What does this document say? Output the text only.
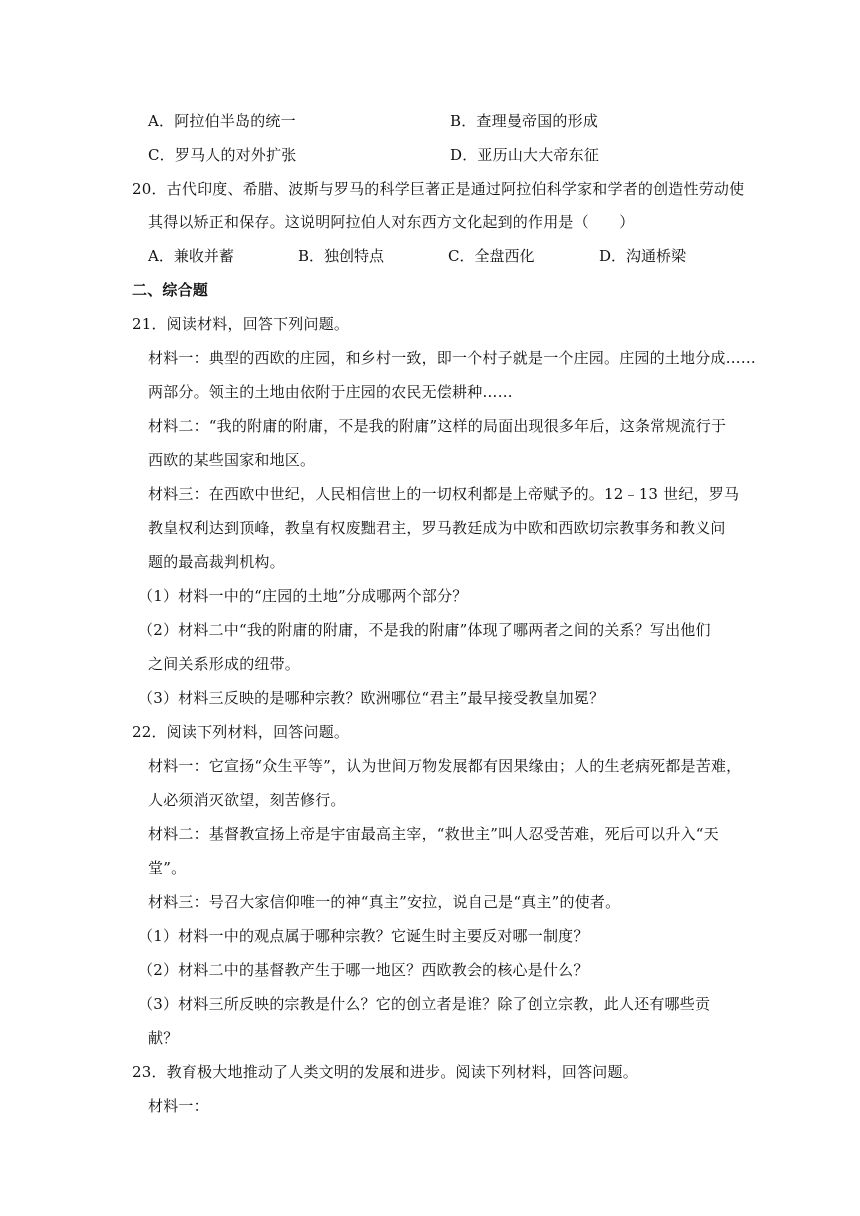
A．阿拉伯半岛的统一	B．查理曼帝国的形成
C．罗马人的对外扩张	D．亚历山大大帝东征
20．古代印度、希腊、波斯与罗马的科学巨著正是通过阿拉伯科学家和学者的创造性劳动使
其得以矫正和保存。这说明阿拉伯人对东西方文化起到的作用是（　　）
A．兼收并蓄	B．独创特点	C．全盘西化	D．沟通桥梁
二、综合题
21．阅读材料，回答下列问题。
材料一：典型的西欧的庄园，和乡村一致，即一个村子就是一个庄园。庄园的土地分成……
两部分。领主的土地由依附于庄园的农民无偿耕种……
材料二：“我的附庸的附庸，不是我的附庸”这样的局面出现很多年后，这条常规流行于
西欧的某些国家和地区。
材料三：在西欧中世纪，人民相信世上的一切权利都是上帝赋予的。12﹣13 世纪，罗马
教皇权利达到顶峰，教皇有权废黜君主，罗马教廷成为中欧和西欧切宗教事务和教义问
题的最高裁判机构。
（1）材料一中的“庄园的土地”分成哪两个部分？
（2）材料二中“我的附庸的附庸，不是我的附庸”体现了哪两者之间的关系？写出他们
之间关系形成的纽带。
（3）材料三反映的是哪种宗教？欧洲哪位“君主”最早接受教皇加冕？
22．阅读下列材料，回答问题。
材料一：它宣扬“众生平等”，认为世间万物发展都有因果缘由；人的生老病死都是苦难，
人必须消灭欲望，刻苦修行。
材料二：基督教宣扬上帝是宇宙最高主宰，“救世主”叫人忍受苦难，死后可以升入“天
堂”。
材料三：号召大家信仰唯一的神“真主”安拉，说自己是“真主”的使者。
（1）材料一中的观点属于哪种宗教？它诞生时主要反对哪一制度？
（2）材料二中的基督教产生于哪一地区？西欧教会的核心是什么？
（3）材料三所反映的宗教是什么？它的创立者是谁？除了创立宗教，此人还有哪些贡
献？
23．教育极大地推动了人类文明的发展和进步。阅读下列材料，回答问题。
材料一：
